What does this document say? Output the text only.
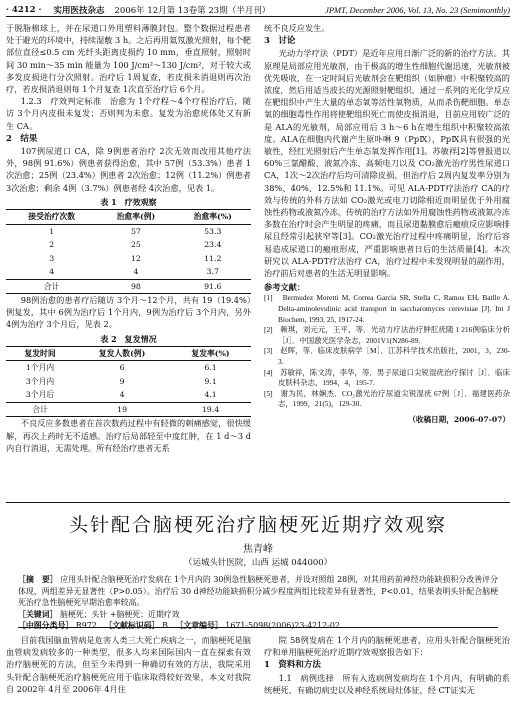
· 4212 · 实用医技杂志 2006年 12月第 13卷第 23期（半月刊）	JPMT, December 2006, Vol. 13, No. 23 (Semimonthly)

于脱脂棉球上，并在尿道口外用塑料薄膜封包。整个数据过程患者处于避光的环境中，持续湿敷 3 h。之后再用氦氖激光照射，每个靶部位直径≤0.5 cm 光纤头距离皮损约 10 mm，垂直照射，照射时间 30 min～35 min 能量为 100 J/cm²～130 J/cm²，对于较大或多发皮损进行分次照射。治疗后 1周复查，若皮损未消退则再次治疗，若皮损消退则每 1个月复查 1次直至治疗后 6个月。

1.2.3　疗效判定标准　治愈为 1个疗程～4个疗程治疗后，随访 3个月内皮损未复发；否则判为未愈。复发为治愈疣体处又有新生 CA。

2　结果

107例尿道口 CA，除 9例患者治疗 2次无效而改用其他疗法外，98例 91.6%）例患者获得治愈，其中 57例（53.3%）患者 1次治愈；25例（23.4%）例患者 2次治愈；12例（11.2%）例患者 3次治愈；剩余 4例（3.7%）例患者经 4次治愈，见表 1。

表 1　疗效观察
接受治疗次数	治愈率(例)	治愈率(%)
1	57	53.3
2	25	23.4
3	12	11.2
4	4	3.7
合计	98	91.6

98例治愈的患者疗后随访 3个月～12个月，共有 19（19.4%）例复发，其中 6例为治疗后 1个月内，9例为治疗后 3个月内，另外 4例为治疗 3个月后，见表 2。

表 2　复发情况
复发时间	复发人数(例)	复发率(%)
1个月内	6	6.1
3个月内	9	9.1
3个月后	4	4.1
合计	19	19.4

不良反应多数患者在首次数药过程中有轻微的刺痛感觉，很快缓解，再次上药时无不适感。治疗后局部轻至中度红肿，在 1 d～3 d内自行消退，无需处理。所有经治疗患者无系

统不良反应发生。

3　讨论

光动力学疗法（PDT）是近年应用日渐广泛的新的治疗方法。其原理是局部应用光敏剂，由于极高的增生性细胞代谢迅速，光敏剂被优先吸收，在一定时间后光敏剂会在靶组织（如肿瘤）中积聚较高的浓度，然后用适当波长的光源照射靶组织，通过一系列的光化学反应在靶组织中产生大量的单态氧等活性氧物质，从而杀伤靶细胞。单态氧的细胞毒性作用将使靶组织死亡而使皮损消退，目前应用较广泛的是 ALA的光敏剂，局部应用后 3 h～6 h在增生组织中积聚较高浓度。ALA在细胞内代谢产生原卟啉 9（PpⅨ），PpⅨ具有很强的光敏性，经红光照射后产生单态氧发挥作用[1]。苏敏祥[2]等曾报道以 60%三氯醋酸、液氮冷冻、高频电刀以及 CO₂激光治疗男性尿道口 CA，1次～2次治疗后均可清除皮损，但治疗后 2周内复发率分别为 38%、40%、12.5%和 11.1%。可见 ALA-PDT疗法治疗 CA的疗效与传统的外科方法如 CO₂激光或电刀切除相近而明显优于外用腐蚀性药物或液氮冷冻。传统的治疗方法如外用腐蚀性药物或液氮冷冻多数在治疗时会产生明显的疼痛，而且尿道黏膜愈后瘢痕反应影响排尿且经常引起狭窄等[3]。CO₂激光治疗过程中疼痛明显，治疗后容易造成尿道口的瘢痕形成，严重影响患者日后的生活质量[4]。本次研究以 ALA-PDT疗法治疗 CA，治疗过程中未发现明显的副作用，治疗前后对患者的生活无明显影响。

参考文献：
[1]　Bermudez Moretti M, Correa Garcia SR, Stella C, Ramos EH, Batlle A. Delta-aminolevulinic acid transport in saccharomyces cerevisiae [J]. Int J Biochem, 1993, 25, 1917-24.
[2]　赖琪，刘元元，王平，等．光动力疗法治疗肿肛疣随 1 216例临床分析［J］．中国激光医学杂志，2001V1(N286-89.
[3]　赵晖，等．临床皮肤病学［M］．江苏科学技术出版社，2001，3，230-3.
[4]　苏敏祥，陈文涛，李华，等．男子尿道口尖锐湿疣治疗探讨［J］．临床皮肤科杂志，1994，4，195-7.
[5]　谢为民，林娴杰．CO₂激光治疗尿道尖锐湿疣 67例［J］．福建医药杂志，1999，21(5)，129-30.
（收稿日期，2006-07-07）
头针配合脑梗死治疗脑梗死近期疗效观察
焦青峰
（运城头针医院，山西 运城 044000）
［摘　要］ 应用头针配合脑梗死治疗发病在 1个月内的 30例急性脑梗死患者，并设对照组 28例，对其用药前神经功能缺损积分改善评分体现，两组差异无显著性（P>0.05）。治疗后 30 d神经功能缺损积分减少程度两组比较差异有显著性，P<0.01，结果表明头针配合脑梗死治疗急性脑梗死早期治愈率较高。
［关键词］ 脑梗死；头针 +脑梗死；近期疗效
［中图分类号］ R972 ［文献标识码］ B ［文章编号］ 1671-5098(2006)23-4212-02

目前我国脑血管病是危害人类三大死亡疾病之一，而脑梗死是脑血管病发病较多的一种类型，很多人均来国际国内一直在探索有效治疗脑梗死的方法，但至今未得到一种确切有效的方法，我院采用头针配合脑梗死治疗脑梗死应用于临床取得较好效果，本文对我院自 2002年 4月至 2006年 4月住

院 58例发病在 1个月内的脑梗死患者，应用头针配合脑梗死治疗和单用脑梗死治疗近期疗效观察报告如下：

1　资料和方法

1.1　病例选择　所有入选病例发病均在 1个月内，有明确的系统梗死、有确切病史以及神经系统局灶体征，经 CT证实无
